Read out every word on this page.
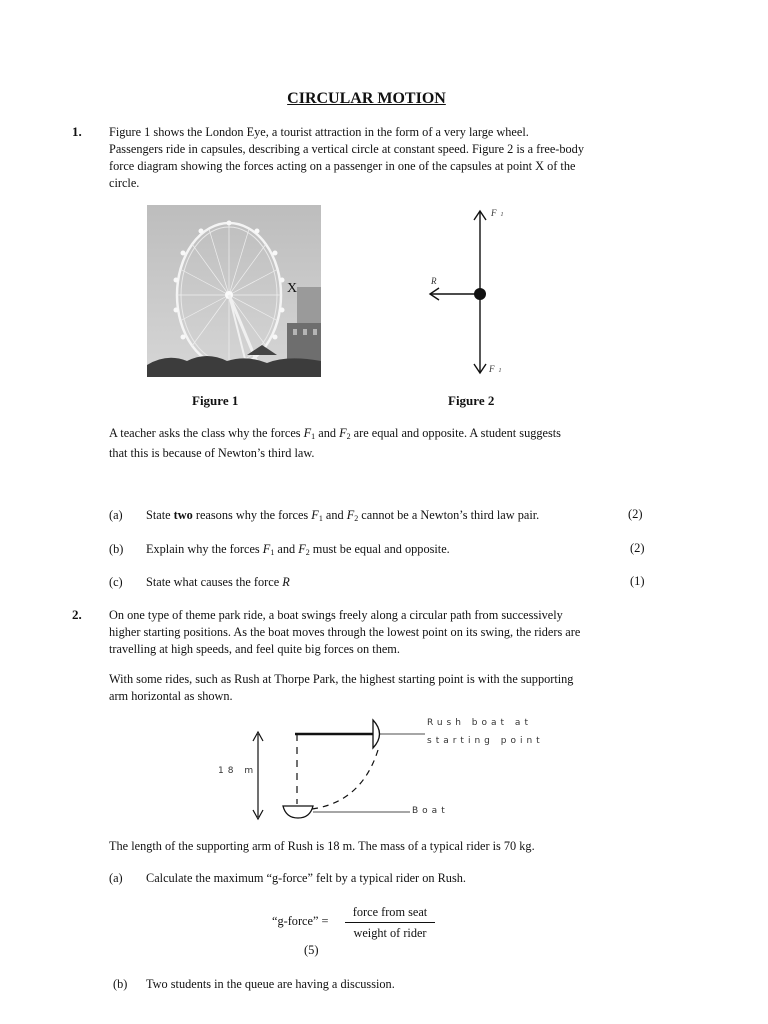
CIRCULAR MOTION
1. Figure 1 shows the London Eye, a tourist attraction in the form of a very large wheel.
Passengers ride in capsules, describing a vertical circle at constant speed. Figure 2 is a free-body
force diagram showing the forces acting on a passenger in one of the capsules at point X of the
circle.
X
F 1
R
F 1
Figure 1	Figure 2
A teacher asks the class why the forces $F_1$ and $F_2$ are equal and opposite. A student suggests
that this is because of Newton’s third law.
(a) State two reasons why the forces $F_1$ and $F_2$ cannot be a Newton’s third law pair.	(2)
(b) Explain why the forces $F_1$ and $F_2$ must be equal and opposite.	(2)
(c) State what causes the force R	(1)
2. On one type of theme park ride, a boat swings freely along a circular path from successively
higher starting positions. As the boat moves through the lowest point on its swing, the riders are
travelling at high speeds, and feel quite big forces on them.
With some rides, such as Rush at Thorpe Park, the highest starting point is with the supporting
arm horizontal as shown.
18 m
Rush boat at
starting point
Boat
The length of the supporting arm of Rush is 18 m. The mass of a typical rider is 70 kg.
(a) Calculate the maximum “g-force” felt by a typical rider on Rush.
“g-force” =
force from seat
weight of rider
(5)
(b) Two students in the queue are having a discussion.
